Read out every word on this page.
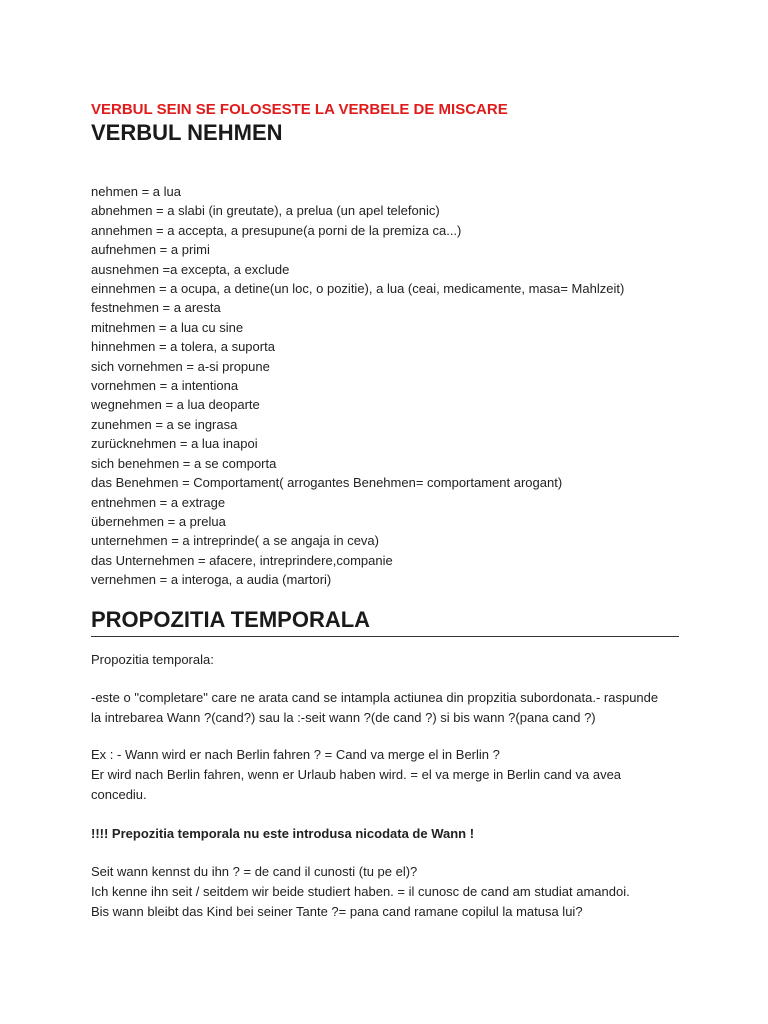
VERBUL SEIN SE FOLOSESTE LA VERBELE DE MISCARE
VERBUL NEHMEN
nehmen = a lua
abnehmen = a slabi (in greutate), a prelua (un apel telefonic)
annehmen = a accepta, a presupune(a porni de la premiza ca...)
aufnehmen = a primi
ausnehmen =a excepta, a exclude
einnehmen = a ocupa, a detine(un loc, o pozitie), a lua (ceai, medicamente, masa= Mahlzeit)
festnehmen = a aresta
mitnehmen = a lua cu sine
hinnehmen = a tolera, a suporta
sich vornehmen = a-si propune
vornehmen = a intentiona
wegnehmen = a lua deoparte
zunehmen = a se ingrasa
zurücknehmen = a lua inapoi
sich benehmen = a se comporta
das Benehmen = Comportament( arrogantes Benehmen= comportament arogant)
entnehmen = a extrage
übernehmen = a prelua
unternehmen = a intreprinde( a se angaja in ceva)
das Unternehmen = afacere, intreprindere,companie
vernehmen = a interoga, a audia (martori)
PROPOZITIA TEMPORALA

Propozitia temporala:

-este o "completare" care ne arata cand se intampla actiunea din propzitia subordonata.- raspunde
la intrebarea Wann ?(cand?) sau la :-seit wann ?(de cand ?) si bis wann ?(pana cand ?)

Ex : - Wann wird er nach Berlin fahren ? = Cand va merge el in Berlin ?
Er wird nach Berlin fahren, wenn er Urlaub haben wird. = el va merge in Berlin cand va avea
concediu.

!!!! Prepozitia temporala nu este introdusa nicodata de Wann !

Seit wann kennst du ihn ? = de cand il cunosti (tu pe el)?
Ich kenne ihn seit / seitdem wir beide studiert haben. = il cunosc de cand am studiat amandoi.
Bis wann bleibt das Kind bei seiner Tante ?= pana cand ramane copilul la matusa lui?
